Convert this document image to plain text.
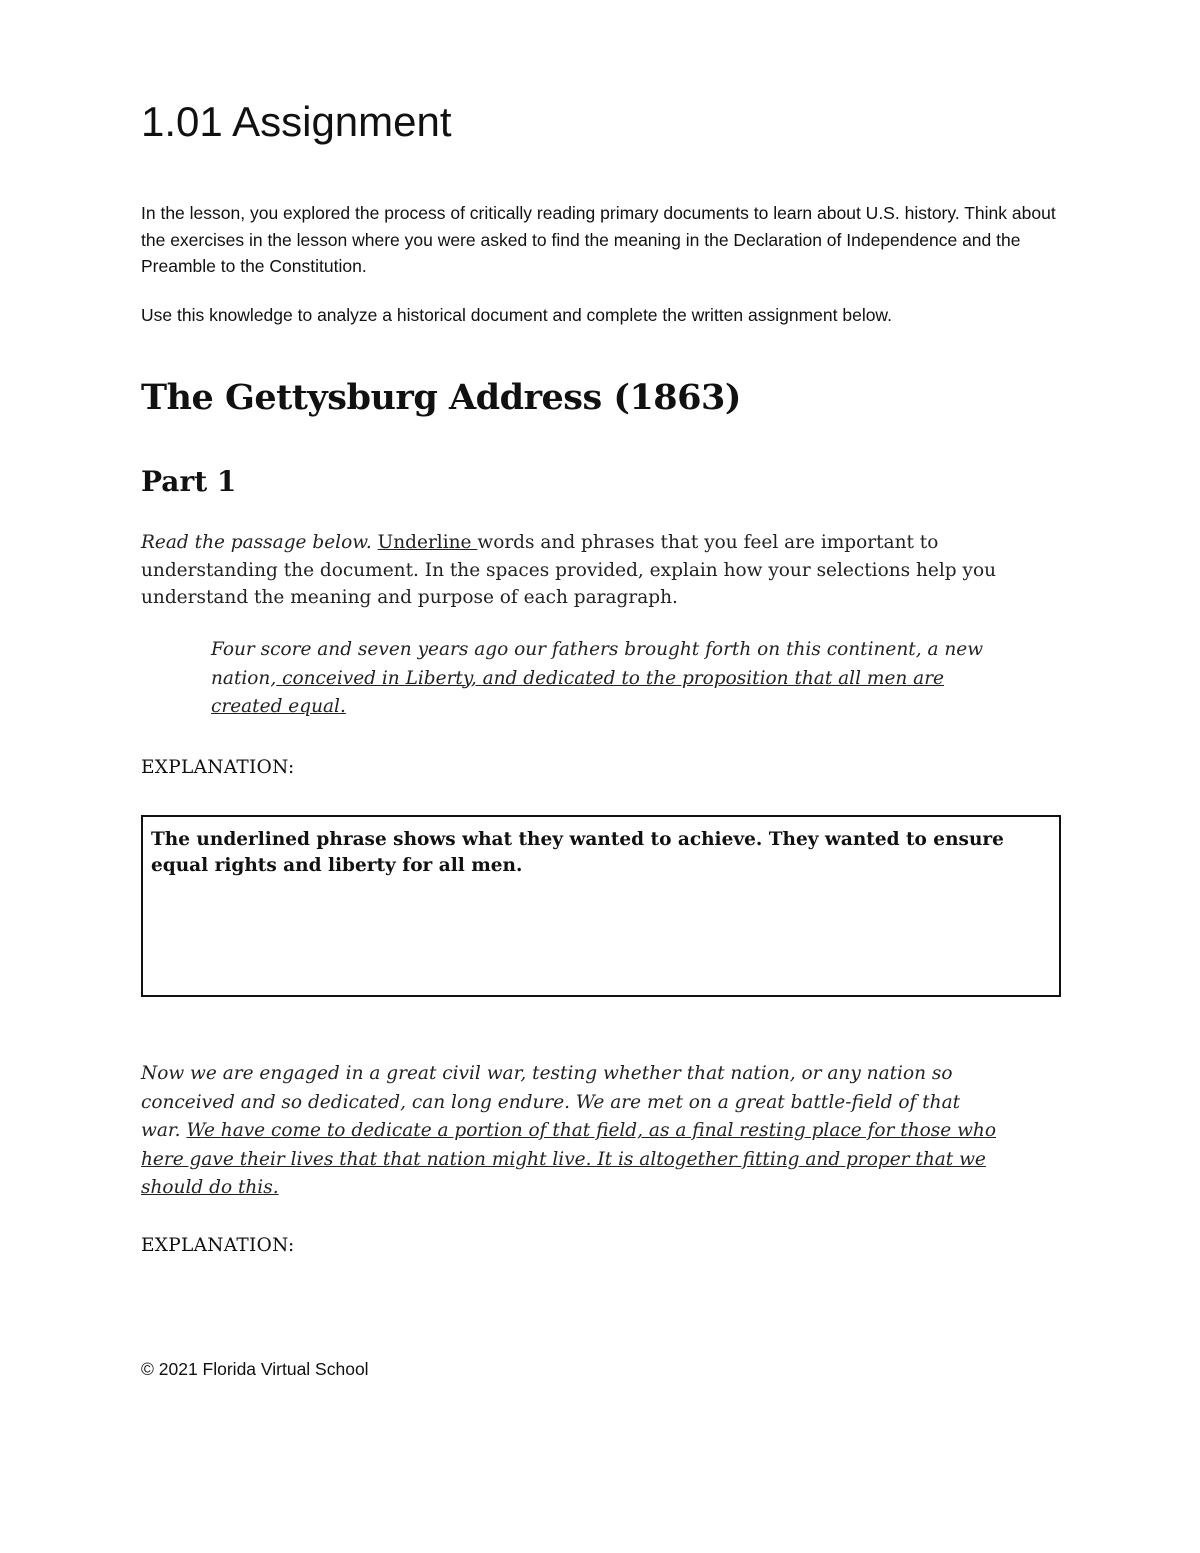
1.01 Assignment

In the lesson, you explored the process of critically reading primary documents to learn about U.S. history. Think about the exercises in the lesson where you were asked to find the meaning in the Declaration of Independence and the Preamble to the Constitution.

Use this knowledge to analyze a historical document and complete the written assignment below.

The Gettysburg Address (1863)
Part 1

Read the passage below. Underline words and phrases that you feel are important to understanding the document. In the spaces provided, explain how your selections help you understand the meaning and purpose of each paragraph.

Four score and seven years ago our fathers brought forth on this continent, a new nation, conceived in Liberty, and dedicated to the proposition that all men are created equal.

EXPLANATION:

The underlined phrase shows what they wanted to achieve. They wanted to ensure equal rights and liberty for all men.

Now we are engaged in a great civil war, testing whether that nation, or any nation so conceived and so dedicated, can long endure. We are met on a great battle-field of that war. We have come to dedicate a portion of that field, as a final resting place for those who here gave their lives that that nation might live. It is altogether fitting and proper that we should do this.

EXPLANATION:

© 2021 Florida Virtual School
